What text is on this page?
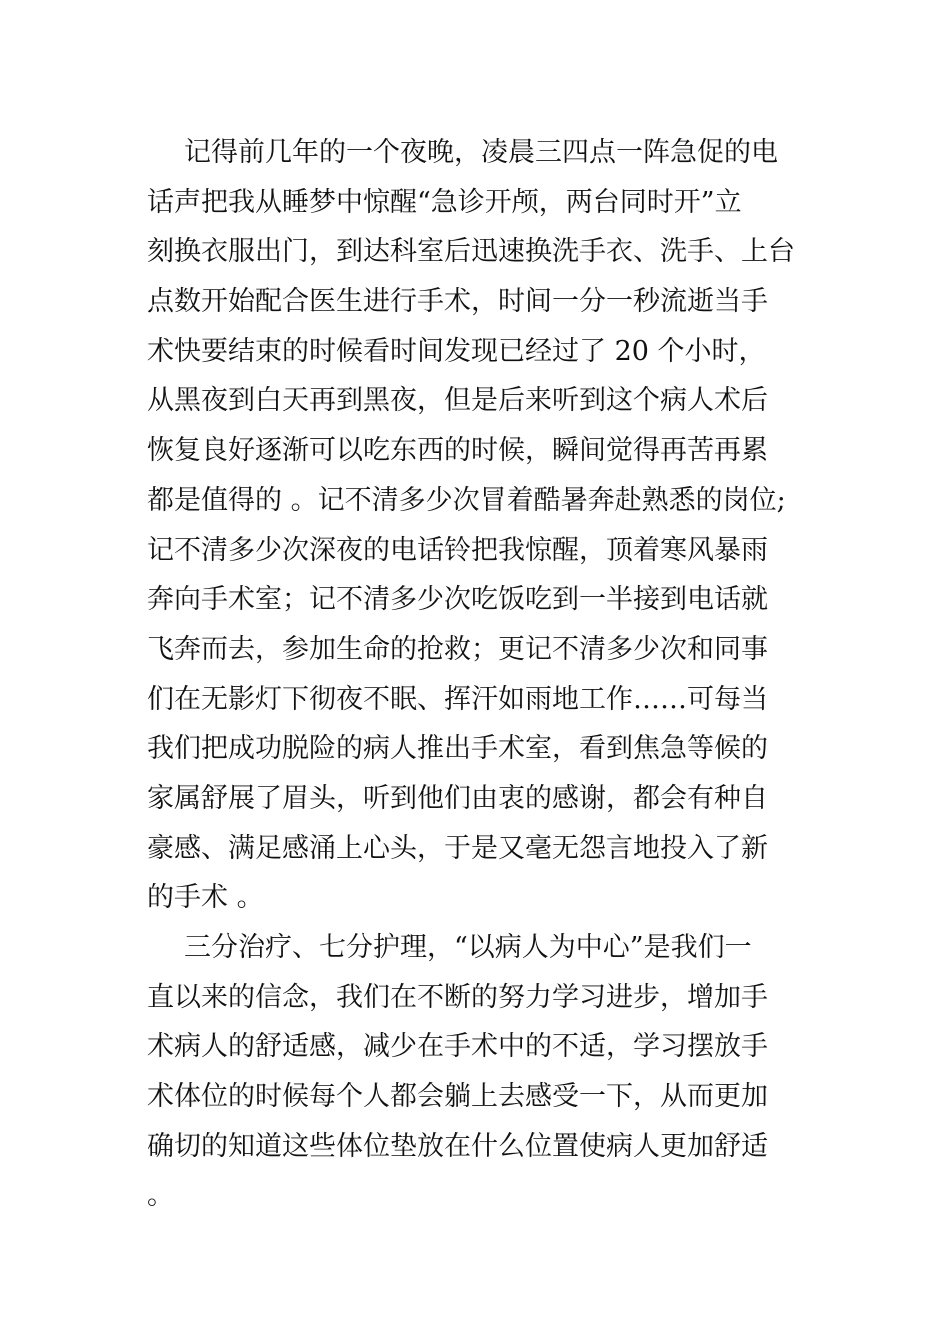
记得前几年的一个夜晚，凌晨三四点一阵急促的电
话声把我从睡梦中惊醒“急诊开颅，两台同时开”立
刻换衣服出门，到达科室后迅速换洗手衣、洗手、上台
点数开始配合医生进行手术，时间一分一秒流逝当手
术快要结束的时候看时间发现已经过了 20 个小时，
从黑夜到白天再到黑夜，但是后来听到这个病人术后
恢复良好逐渐可以吃东西的时候，瞬间觉得再苦再累
都是值得的 。记不清多少次冒着酷暑奔赴熟悉的岗位;
记不清多少次深夜的电话铃把我惊醒，顶着寒风暴雨
奔向手术室；记不清多少次吃饭吃到一半接到电话就
飞奔而去，参加生命的抢救；更记不清多少次和同事
们在无影灯下彻夜不眠、挥汗如雨地工作……可每当
我们把成功脱险的病人推出手术室，看到焦急等候的
家属舒展了眉头，听到他们由衷的感谢，都会有种自
豪感、满足感涌上心头，于是又毫无怨言地投入了新
的手术 。
三分治疗、七分护理，“以病人为中心”是我们一
直以来的信念，我们在不断的努力学习进步，增加手
术病人的舒适感，减少在手术中的不适，学习摆放手
术体位的时候每个人都会躺上去感受一下，从而更加
确切的知道这些体位垫放在什么位置使病人更加舒适
。
